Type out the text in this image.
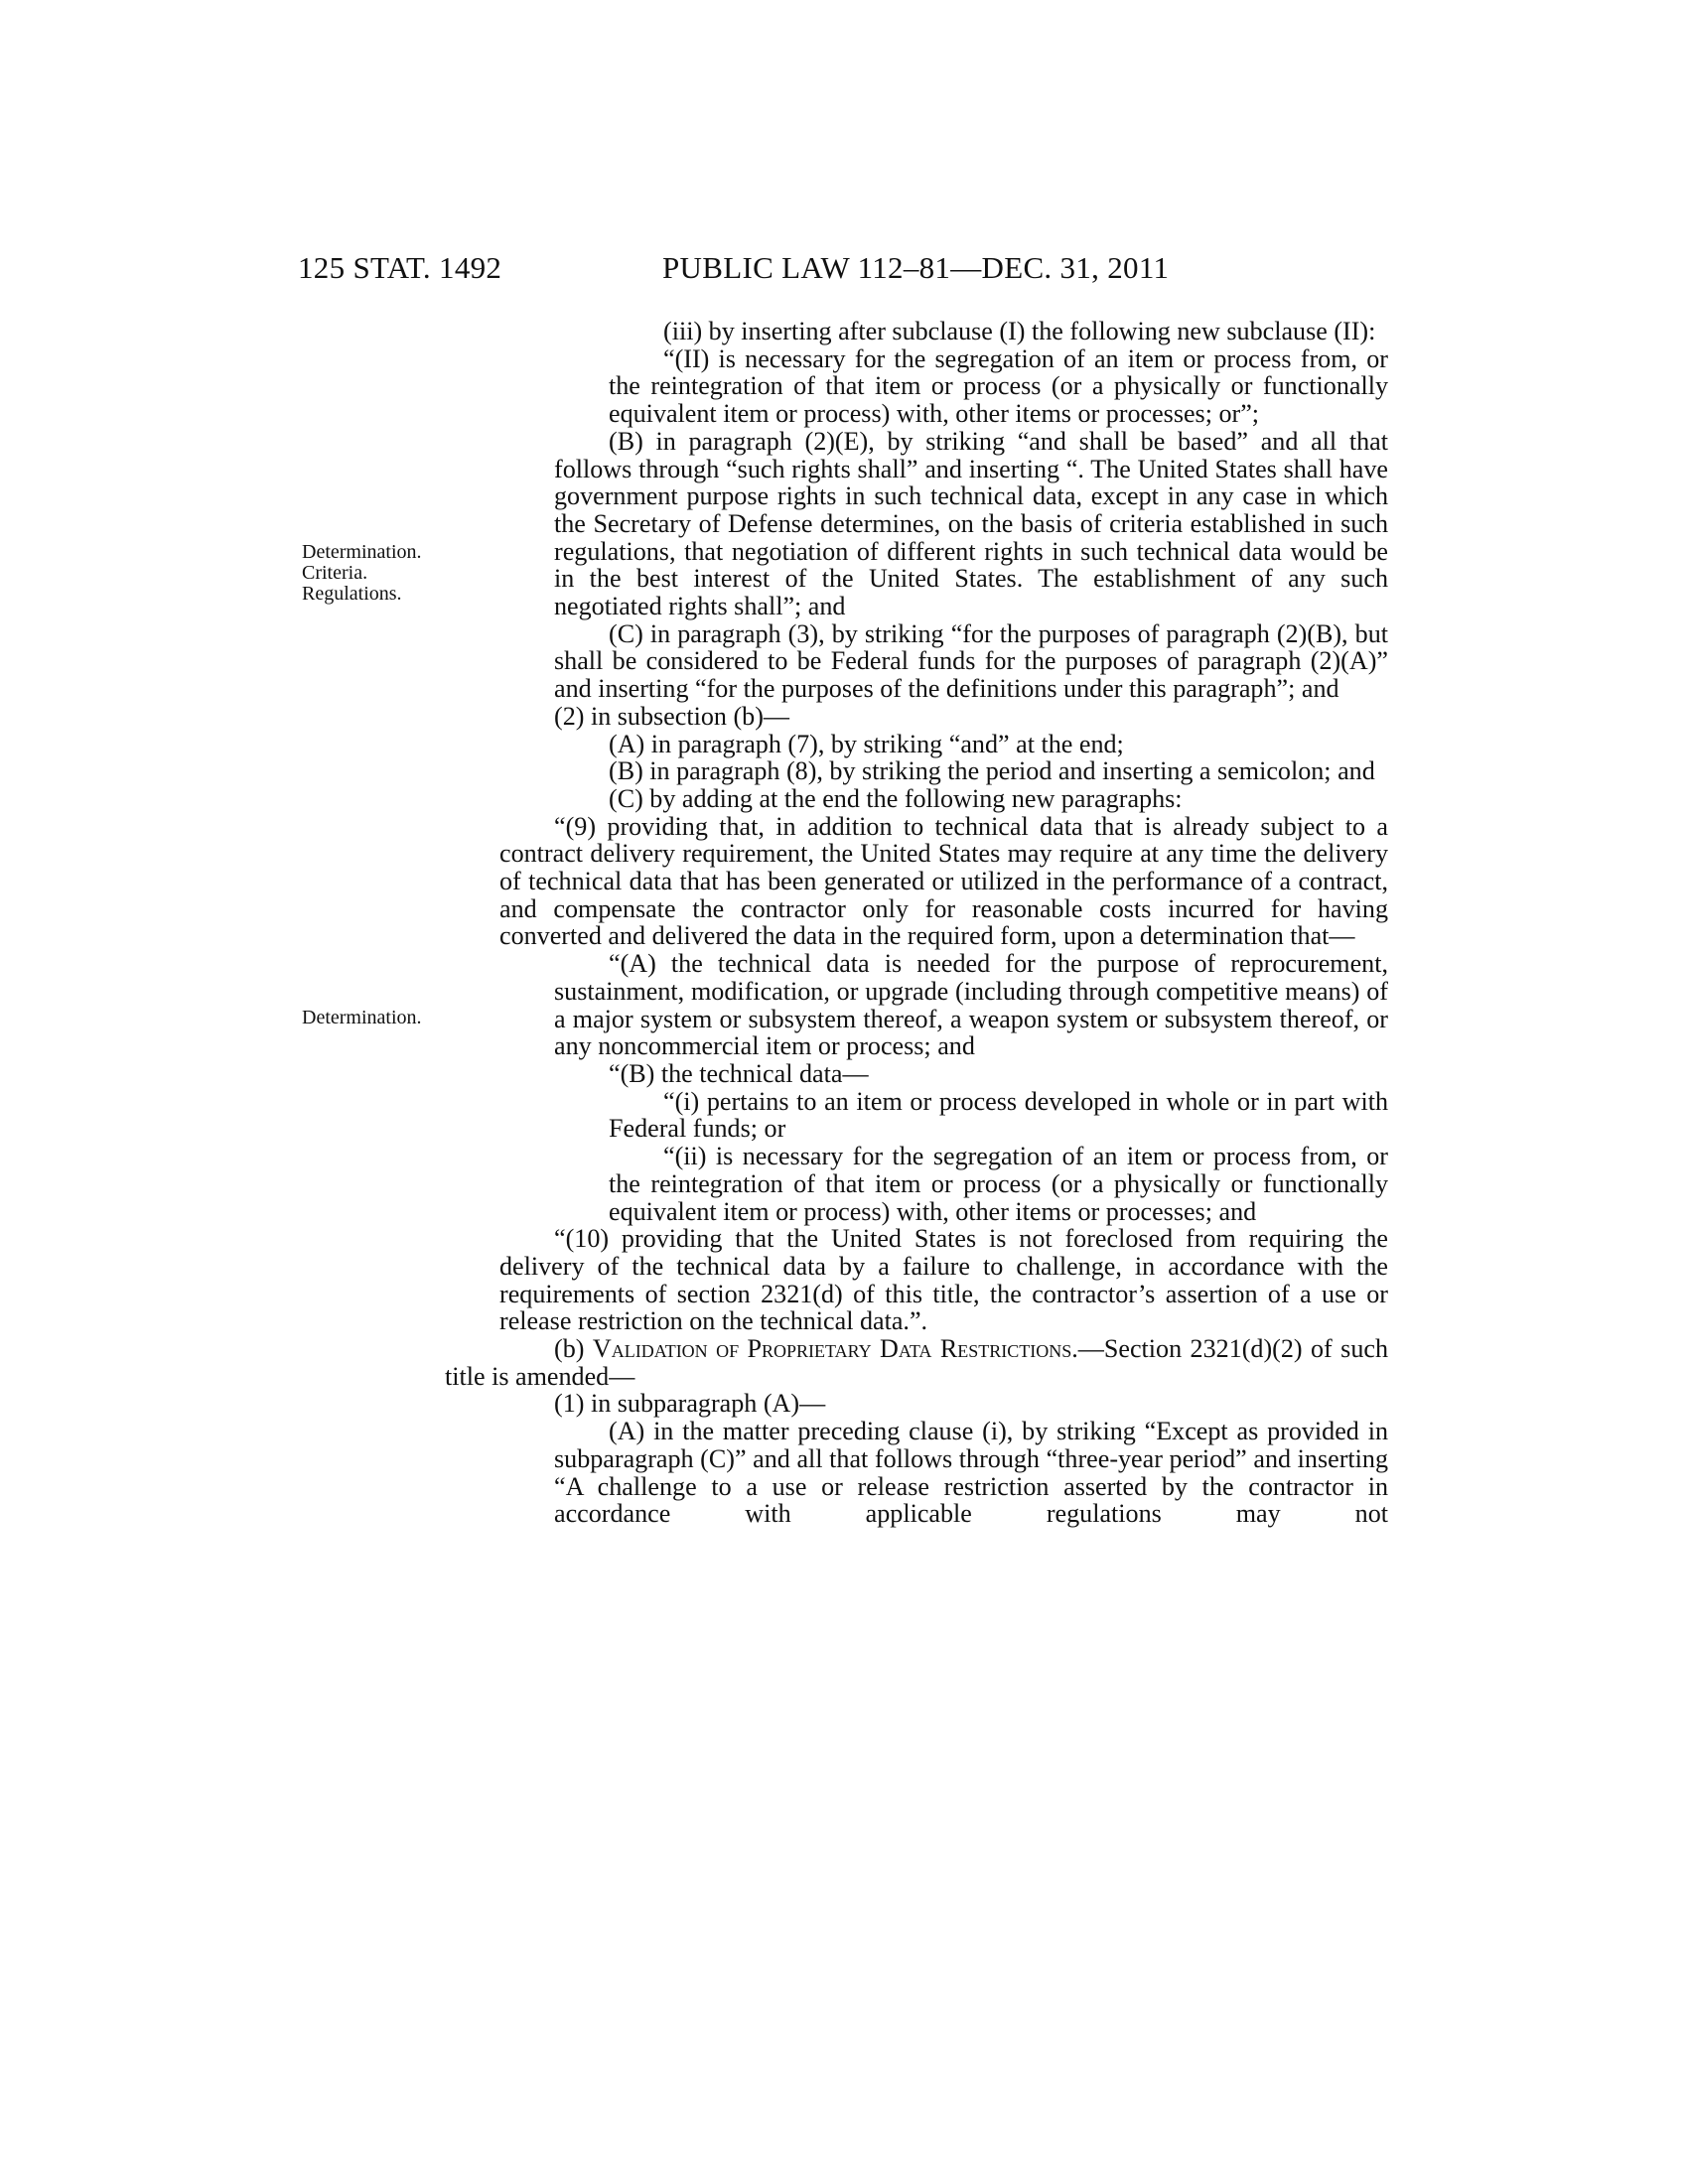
125 STAT. 1492	PUBLIC LAW 112–81—DEC. 31, 2011
Determination.
Criteria.
Regulations.
Determination.

(iii) by inserting after subclause (I) the following new subclause (II):

“(II) is necessary for the segregation of an item or process from, or the reintegration of that item or process (or a physically or functionally equivalent item or process) with, other items or processes; or”;

(B) in paragraph (2)(E), by striking “and shall be based” and all that follows through “such rights shall” and inserting “. The United States shall have government purpose rights in such technical data, except in any case in which the Secretary of Defense determines, on the basis of criteria established in such regulations, that negotiation of different rights in such technical data would be in the best interest of the United States. The establishment of any such negotiated rights shall”; and

(C) in paragraph (3), by striking “for the purposes of paragraph (2)(B), but shall be considered to be Federal funds for the purposes of paragraph (2)(A)” and inserting “for the purposes of the definitions under this paragraph”; and

(2) in subsection (b)—

(A) in paragraph (7), by striking “and” at the end;

(B) in paragraph (8), by striking the period and inserting a semicolon; and

(C) by adding at the end the following new paragraphs:

“(9) providing that, in addition to technical data that is already subject to a contract delivery requirement, the United States may require at any time the delivery of technical data that has been generated or utilized in the performance of a contract, and compensate the contractor only for reasonable costs incurred for having converted and delivered the data in the required form, upon a determination that—

“(A) the technical data is needed for the purpose of reprocurement, sustainment, modification, or upgrade (including through competitive means) of a major system or subsystem thereof, a weapon system or subsystem thereof, or any noncommercial item or process; and

“(B) the technical data—

“(i) pertains to an item or process developed in whole or in part with Federal funds; or

“(ii) is necessary for the segregation of an item or process from, or the reintegration of that item or process (or a physically or functionally equivalent item or process) with, other items or processes; and

“(10) providing that the United States is not foreclosed from requiring the delivery of the technical data by a failure to challenge, in accordance with the requirements of section 2321(d) of this title, the contractor’s assertion of a use or release restriction on the technical data.”.

(b) Validation of Proprietary Data Restrictions.—Section 2321(d)(2) of such title is amended—

(1) in subparagraph (A)—

(A) in the matter preceding clause (i), by striking “Except as provided in subparagraph (C)” and all that follows through “three-year period” and inserting “A challenge to a use or release restriction asserted by the contractor in accordance with applicable regulations may not
